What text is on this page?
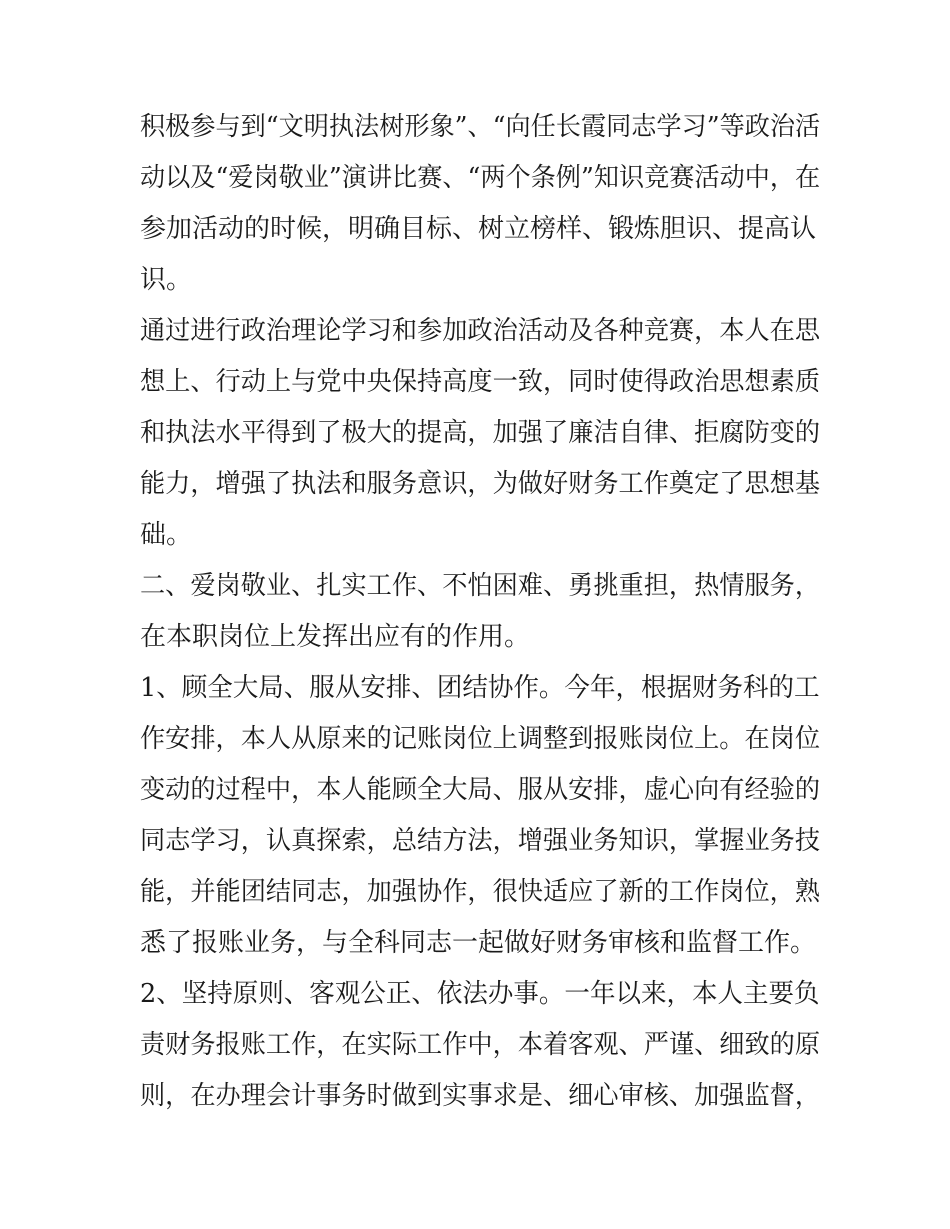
积极参与到“文明执法树形象”、“向任长霞同志学习”等政治活 动以及“爱岗敬业”演讲比赛、“两个条例”知识竞赛活动中，在
参加活动的时候，明确目标、树立榜样、锻炼胆识、提高认
识。
通过进行政治理论学习和参加政治活动及各种竞赛，本人在思 想上、行动上与党中央保持高度一致，同时使得政治思想素质 和执法水平得到了极大的提高，加强了廉洁自律、拒腐防变的 能力，增强了执法和服务意识，为做好财务工作奠定了思想基
础。
二、爱岗敬业、扎实工作、不怕困难、勇挑重担，热情服务，
在本职岗位上发挥出应有的作用。
1、顾全大局、服从安排、团结协作。今年，根据财务科的工 作安排，本人从原来的记账岗位上调整到报账岗位上。在岗位 变动的过程中，本人能顾全大局、服从安排，虚心向有经验的 同志学习，认真探索，总结方法，增强业务知识，掌握业务技 能，并能团结同志，加强协作，很快适应了新的工作岗位，熟
悉了报账业务，与全科同志一起做好财务审核和监督工作。
2、坚持原则、客观公正、依法办事。一年以来，本人主要负 责财务报账工作，在实际工作中，本着客观、严谨、细致的原 则，在办理会计事务时做到实事求是、细心审核、加强监督，
